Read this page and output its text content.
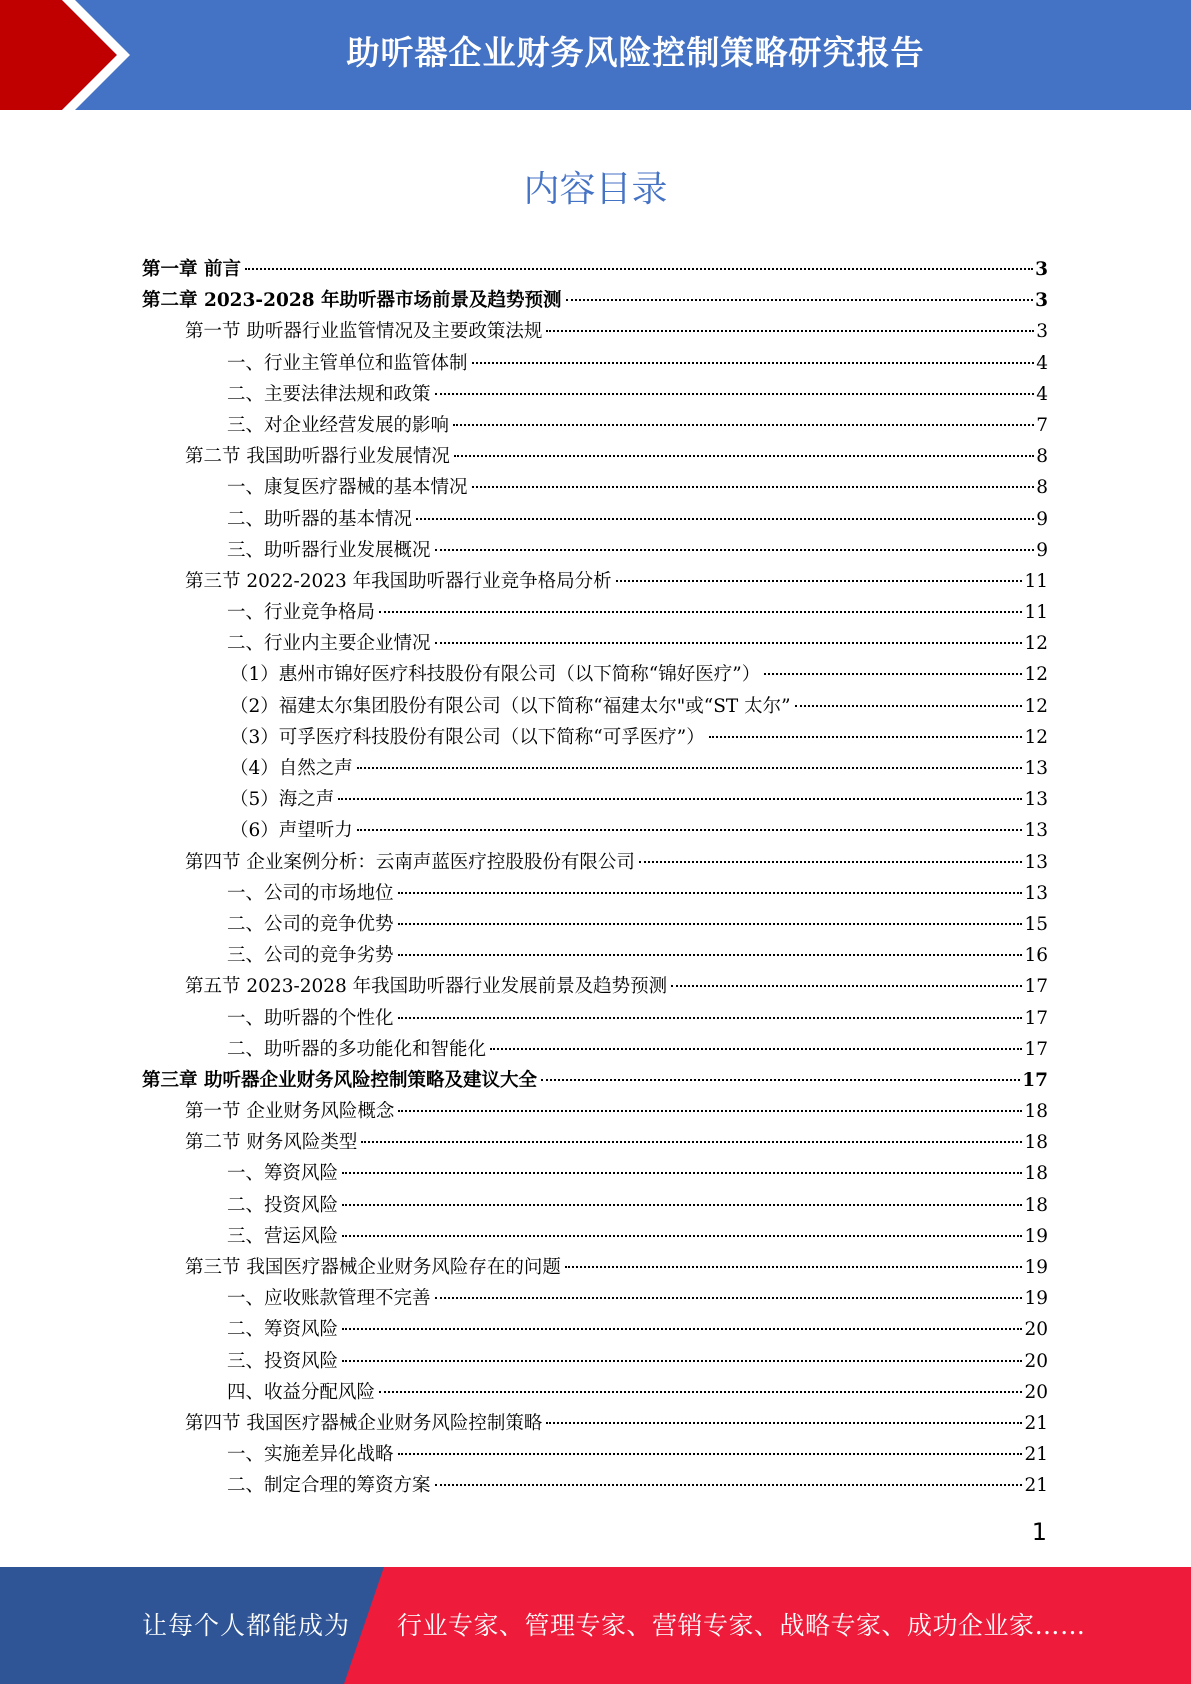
助听器企业财务风险控制策略研究报告
内容目录
第一章 前言	3
第二章 2023-2028 年助听器市场前景及趋势预测	3
第一节 助听器行业监管情况及主要政策法规	3
一、行业主管单位和监管体制	4
二、主要法律法规和政策	4
三、对企业经营发展的影响	7
第二节 我国助听器行业发展情况	8
一、康复医疗器械的基本情况	8
二、助听器的基本情况	9
三、助听器行业发展概况	9
第三节 2022-2023 年我国助听器行业竞争格局分析	11
一、行业竞争格局	11
二、行业内主要企业情况	12
（1）惠州市锦好医疗科技股份有限公司（以下简称“锦好医疗”）	12
（2）福建太尔集团股份有限公司（以下简称“福建太尔"或“ST 太尔”	12
（3）可孚医疗科技股份有限公司（以下简称“可孚医疗”）	12
（4）自然之声	13
（5）海之声	13
（6）声望听力	13
第四节 企业案例分析：云南声蓝医疗控股股份有限公司	13
一、公司的市场地位	13
二、公司的竞争优势	15
三、公司的竞争劣势	16
第五节 2023-2028 年我国助听器行业发展前景及趋势预测	17
一、助听器的个性化	17
二、助听器的多功能化和智能化	17
第三章 助听器企业财务风险控制策略及建议大全	17
第一节 企业财务风险概念	18
第二节 财务风险类型	18
一、筹资风险	18
二、投资风险	18
三、营运风险	19
第三节 我国医疗器械企业财务风险存在的问题	19
一、应收账款管理不完善	19
二、筹资风险	20
三、投资风险	20
四、收益分配风险	20
第四节 我国医疗器械企业财务风险控制策略	21
一、实施差异化战略	21
二、制定合理的筹资方案	21
1
让每个人都能成为 行业专家、管理专家、营销专家、战略专家、成功企业家……
